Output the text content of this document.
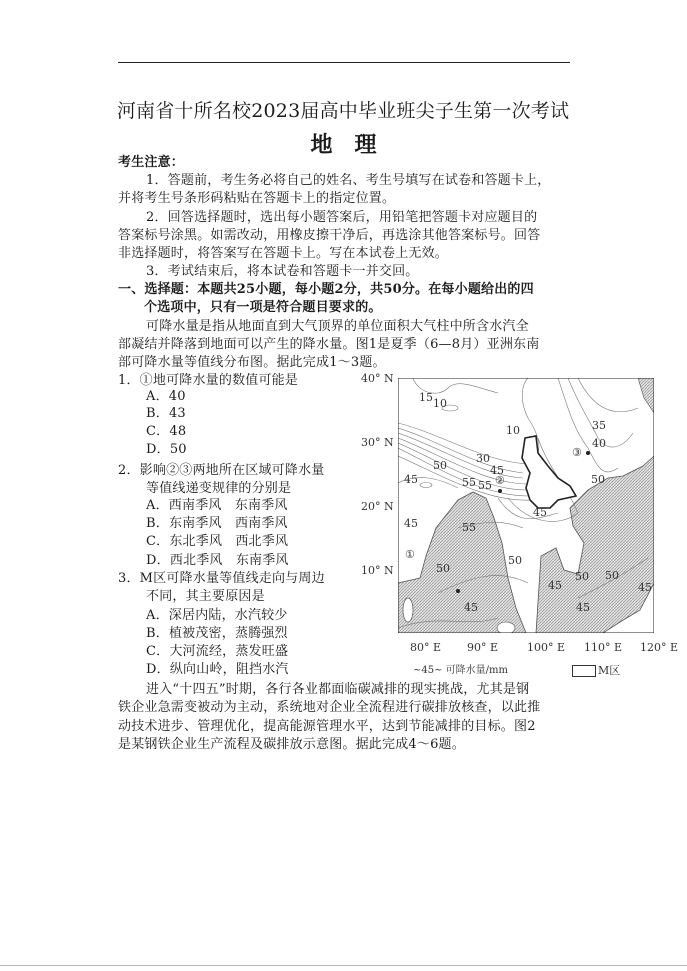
河南省十所名校2023届高中毕业班尖子生第一次考试
地　理
考生注意：
1．答题前，考生务必将自己的姓名、考生号填写在试卷和答题卡上，
并将考生号条形码粘贴在答题卡上的指定位置。
2．回答选择题时，选出每小题答案后，用铅笔把答题卡对应题目的
答案标号涂黑。如需改动，用橡皮擦干净后，再选涂其他答案标号。回答
非选择题时，将答案写在答题卡上。写在本试卷上无效。
3．考试结束后，将本试卷和答题卡一并交回。
一、选择题：本题共25小题，每小题2分，共50分。在每小题给出的四
个选项中，只有一项是符合题目要求的。
可降水量是指从地面直到大气顶界的单位面积大气柱中所含水汽全
部凝结并降落到地面可以产生的降水量。图1是夏季（6—8月）亚洲东南
部可降水量等值线分布图。据此完成1～3题。
1．①地可降水量的数值可能是
A．40
B．43
C．48
D．50
2．影响②③两地所在区域可降水量
等值线递变规律的分别是
A．西南季风　东南季风
B．东南季风　西南季风
C．东北季风　西北季风
D．西北季风　东南季风
3．M区可降水量等值线走向与周边
不同，其主要原因是
A．深居内陆，水汽较少
B．植被茂密，蒸腾强烈
C．大河流经，蒸发旺盛
D．纵向山岭，阻挡水汽
15 10
10	35
40
30
50	45
45	55 55	50
45
45	55
50
50
50 50
45	45
45	45
①
②
③
40° N
30° N
20° N
10° N
80° E 90° E	100° E 110° E 120° E
~45~ 可降水量/mm	M区
进入“十四五”时期，各行各业都面临碳减排的现实挑战，尤其是钢
铁企业急需变被动为主动，系统地对企业全流程进行碳排放核查，以此推
动技术进步、管理优化，提高能源管理水平，达到节能减排的目标。图2
是某钢铁企业生产流程及碳排放示意图。据此完成4～6题。
